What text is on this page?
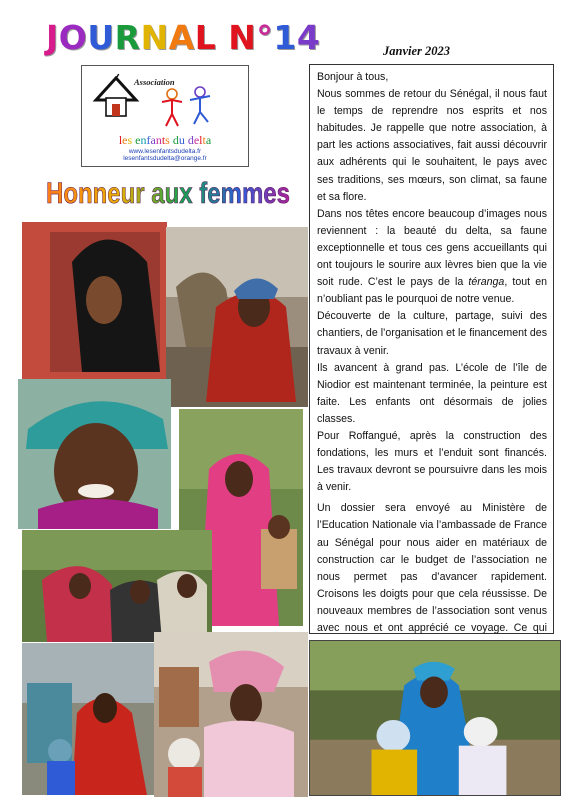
JOURNAL N°14	Janvier 2023
Association
les enfants du delta
www.lesenfantsdudelta.fr
lesenfantsdudelta@orange.fr
Honneur aux femmes

Bonjour à tous,

Nous sommes de retour du Sénégal, il nous faut le temps de reprendre nos esprits et nos habitudes. Je rappelle que notre association, à part les actions associatives, fait aussi découvrir aux adhérents qui le souhaitent, le pays avec ses traditions, ses mœurs, son climat, sa faune et sa flore.

Dans nos têtes encore beaucoup d’images nous reviennent : la beauté du delta, sa faune exceptionnelle et tous ces gens accueillants qui ont toujours le sourire aux lèvres bien que la vie soit rude. C’est le pays de la téranga, tout en n’oubliant pas le pourquoi de notre venue.

Découverte de la culture, partage, suivi des chantiers, de l’organisation et le financement des travaux à venir.

Ils avancent à grand pas. L’école de l’île de Niodior est maintenant terminée, la peinture est faite. Les enfants ont désormais de jolies classes.

Pour Roffangué, après la construction des fondations, les murs et l’enduit sont financés. Les travaux devront se poursuivre dans les mois à venir.

Un dossier sera envoyé au Ministère de l’Education Nationale via l’ambassade de France au Sénégal pour nous aider en matériaux de construction car le budget de l’association ne nous permet pas d’avancer rapidement. Croisons les doigts pour que cela réussisse. De nouveaux membres de l’association sont venus avec nous et ont apprécié ce voyage. Ce qui
